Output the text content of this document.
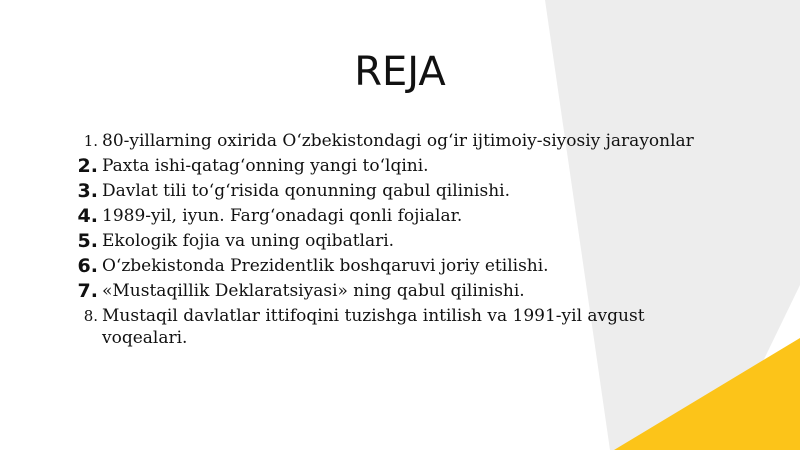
REJA
1. 80-yillarning oxirida Oʻzbekistondagi ogʻir ijtimoiy-siyosiy jarayonlar
2. Paxta ishi-qatagʻonning yangi toʻlqini.
3. Davlat tili toʻgʻrisida qonunning qabul qilinishi.
4. 1989-yil, iyun. Fargʻonadagi qonli fojialar.
5. Ekologik fojia va uning oqibatlari.
6. Oʻzbekistonda Prezidentlik boshqaruvi joriy etilishi.
7. «Mustaqillik Deklaratsiyasi» ning qabul qilinishi.
8. Mustaqil davlatlar ittifoqini tuzishga intilish va 1991-yil avgust voqealari.
